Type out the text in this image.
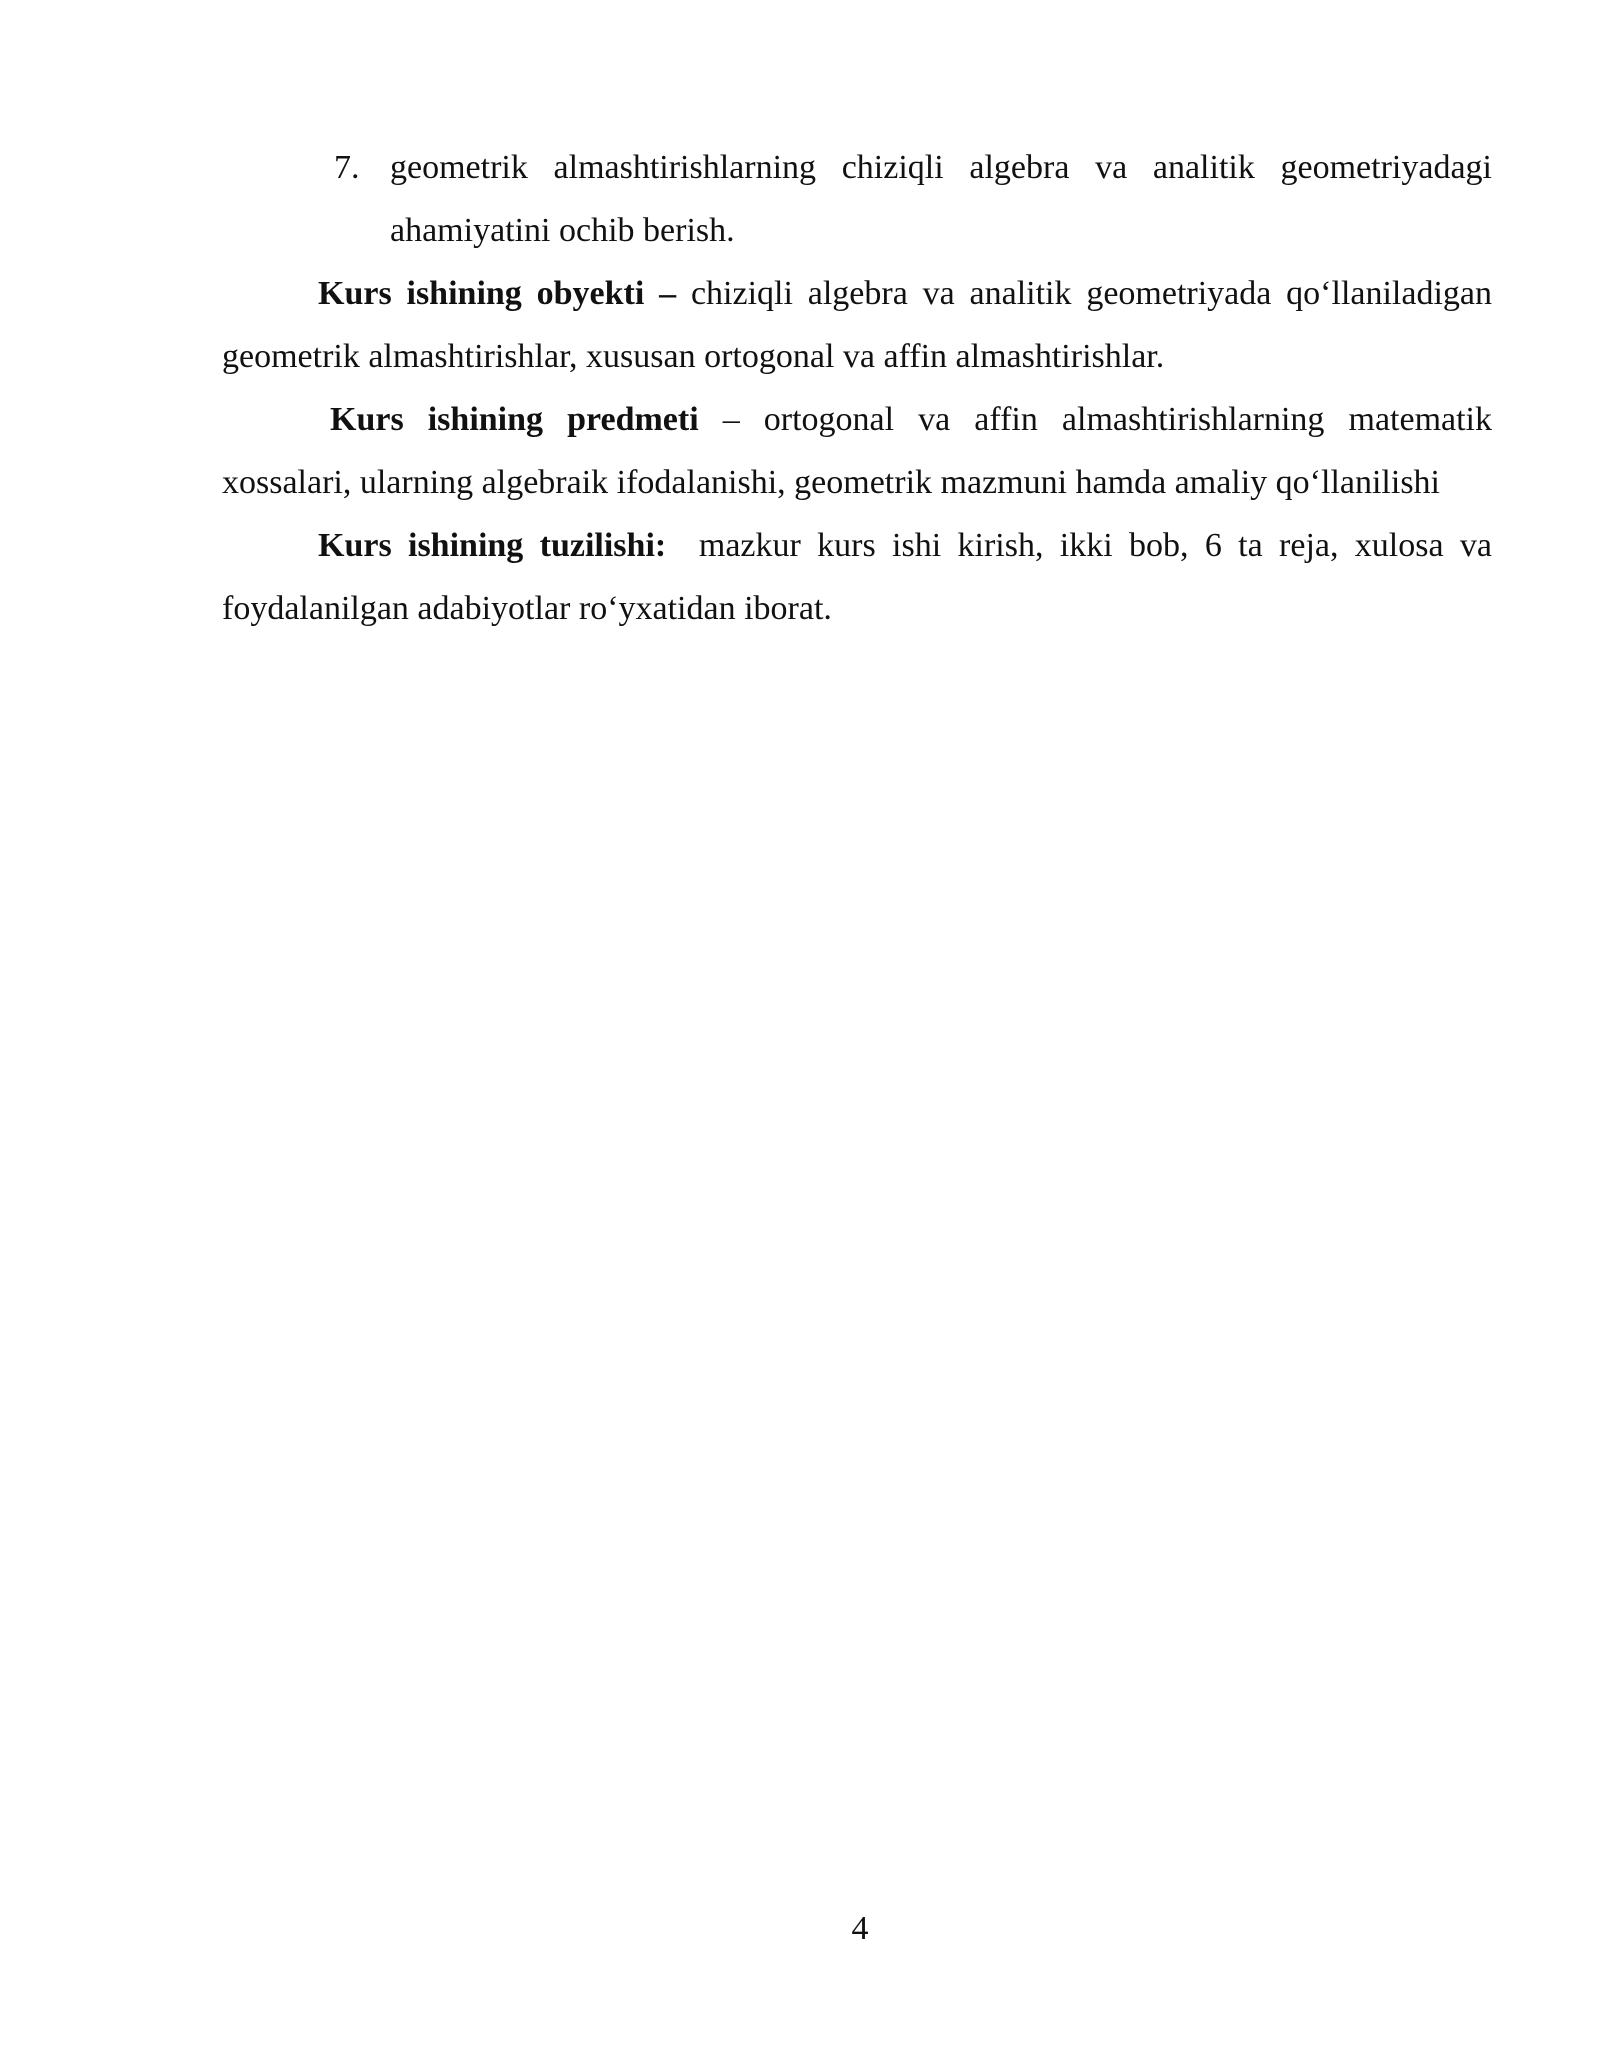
7. geometrik almashtirishlarning chiziqli algebra va analitik geometriyadagi ahamiyatini ochib berish.

Kurs ishining obyekti – chiziqli algebra va analitik geometriyada qo‘llaniladigan geometrik almashtirishlar, xususan ortogonal va affin almashtirishlar.

Kurs ishining predmeti – ortogonal va affin almashtirishlarning matematik xossalari, ularning algebraik ifodalanishi, geometrik mazmuni hamda amaliy qo‘llanilishi

Kurs ishining tuzilishi:  mazkur kurs ishi kirish, ikki bob, 6 ta reja, xulosa va foydalanilgan adabiyotlar ro‘yxatidan iborat.

4
